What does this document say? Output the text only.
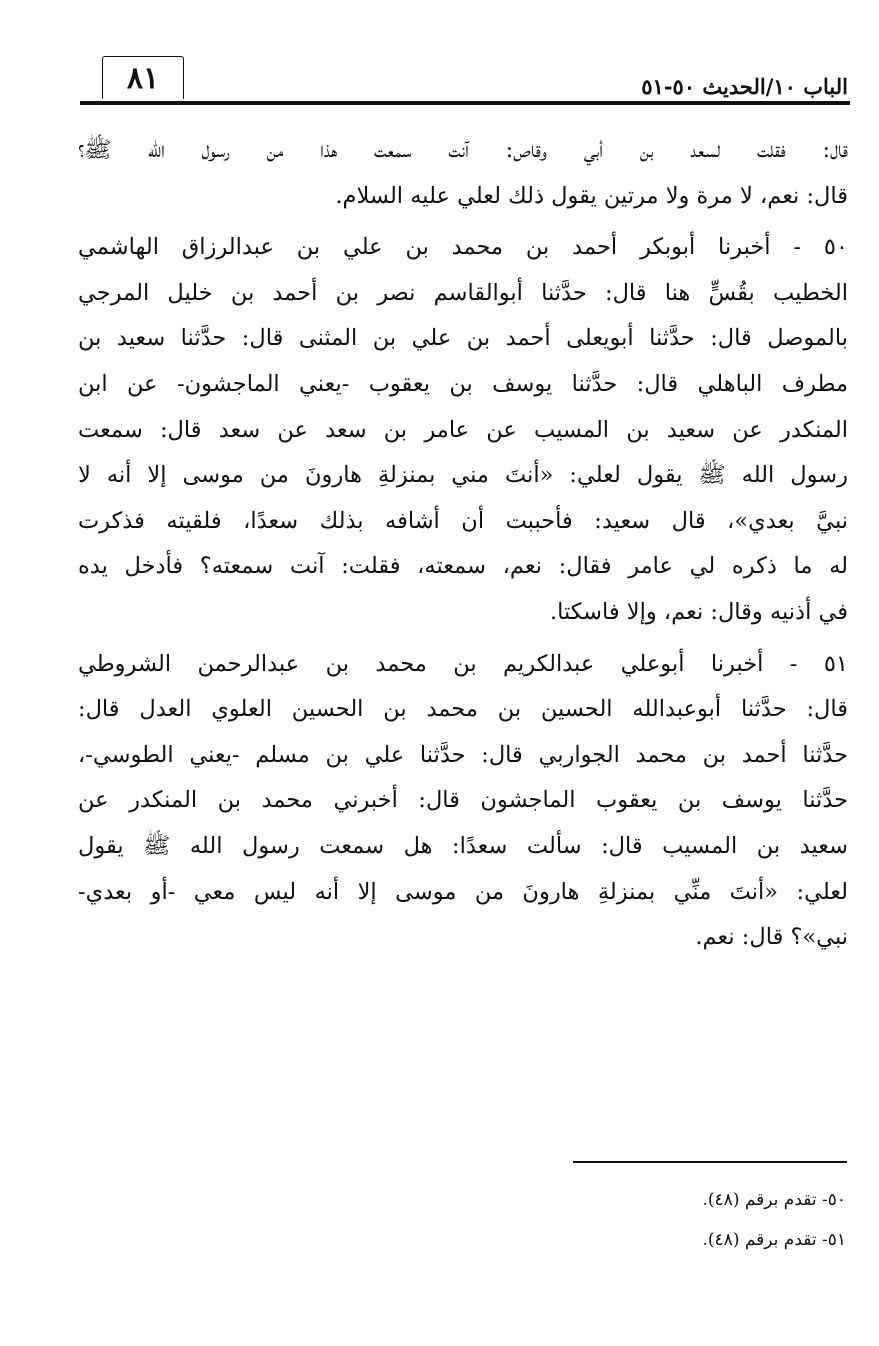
٨١	الباب ١٠/الحديث ٥٠-٥١
قال: فقلت لسعد بن أبي وقاص: آنت سمعت هذا من رسول الله ﷺ؟
قال: نعم، لا مرة ولا مرتين يقول ذلك لعلي عليه السلام.
٥٠ - أخبرنا أبوبكر أحمد بن محمد بن علي بن عبدالرزاق الهاشمي
الخطيب بقُسٍّ هنا قال: حدَّثنا أبوالقاسم نصر بن أحمد بن خليل المرجي
بالموصل قال: حدَّثنا أبويعلى أحمد بن علي بن المثنى قال: حدَّثنا سعيد بن
مطرف الباهلي قال: حدَّثنا يوسف بن يعقوب -يعني الماجشون- عن ابن
المنكدر عن سعيد بن المسيب عن عامر بن سعد عن سعد قال: سمعت
رسول الله ﷺ يقول لعلي: «أنتَ مني بمنزلةِ هارونَ من موسى إلا أنه لا
نبيَّ بعدي»، قال سعيد: فأحببت أن أشافه بذلك سعدًا، فلقيته فذكرت
له ما ذكره لي عامر فقال: نعم، سمعته، فقلت: آنت سمعته؟ فأدخل يده
في أذنيه وقال: نعم، وإلا فاسكتا.
٥١ - أخبرنا أبوعلي عبدالكريم بن محمد بن عبدالرحمن الشروطي
قال: حدَّثنا أبوعبدالله الحسين بن محمد بن الحسين العلوي العدل قال:
حدَّثنا أحمد بن محمد الجواربي قال: حدَّثنا علي بن مسلم -يعني الطوسي-،
حدَّثنا يوسف بن يعقوب الماجشون قال: أخبرني محمد بن المنكدر عن
سعيد بن المسيب قال: سألت سعدًا: هل سمعت رسول الله ﷺ يقول
لعلي: «أنتَ منِّي بمنزلةِ هارونَ من موسى إلا أنه ليس معي -أو بعدي-
نبي»؟ قال: نعم.
٥٠- تقدم برقم (٤٨).
٥١- تقدم برقم (٤٨).
